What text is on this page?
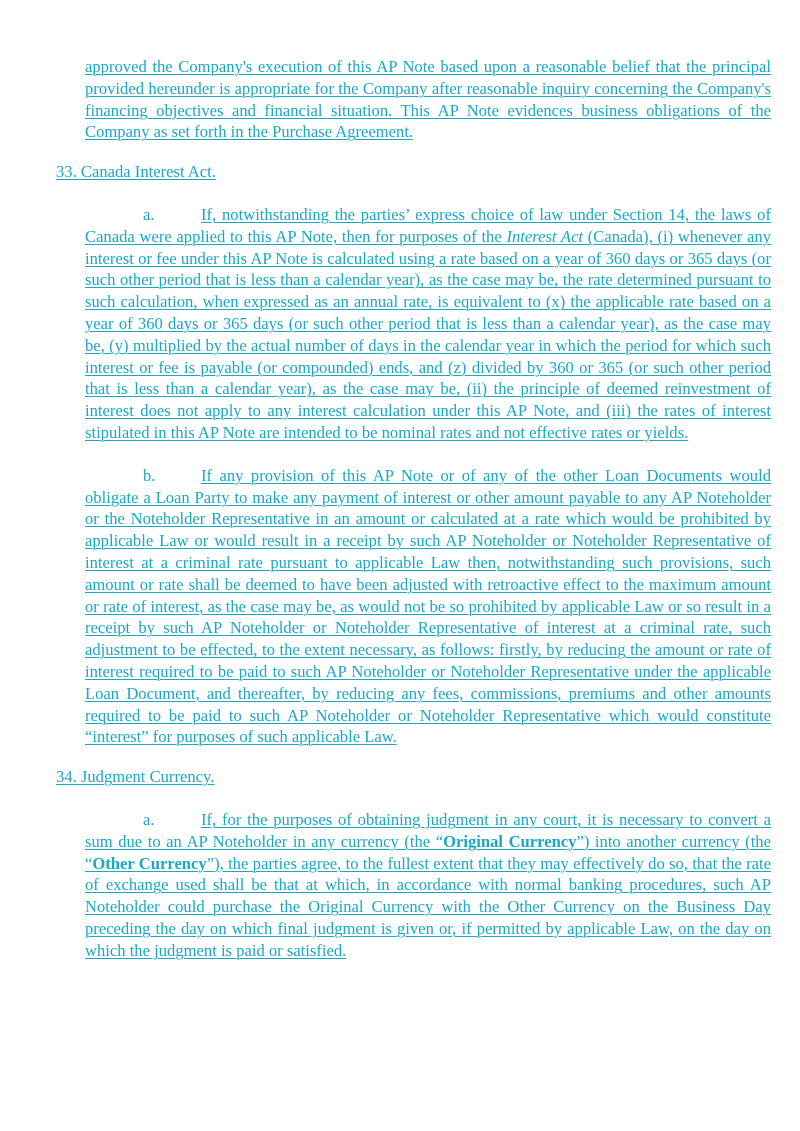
approved the Company's execution of this AP Note based upon a reasonable belief that the principal provided hereunder is appropriate for the Company after reasonable inquiry concerning the Company's financing objectives and financial situation. This AP Note evidences business obligations of the Company as set forth in the Purchase Agreement.

33. Canada Interest Act.

a.	If, notwithstanding the parties’ express choice of law under Section 14, the laws of Canada were applied to this AP Note, then for purposes of the Interest Act (Canada), (i) whenever any interest or fee under this AP Note is calculated using a rate based on a year of 360 days or 365 days (or such other period that is less than a calendar year), as the case may be, the rate determined pursuant to such calculation, when expressed as an annual rate, is equivalent to (x) the applicable rate based on a year of 360 days or 365 days (or such other period that is less than a calendar year), as the case may be, (y) multiplied by the actual number of days in the calendar year in which the period for which such interest or fee is payable (or compounded) ends, and (z) divided by 360 or 365 (or such other period that is less than a calendar year), as the case may be, (ii) the principle of deemed reinvestment of interest does not apply to any interest calculation under this AP Note, and (iii) the rates of interest stipulated in this AP Note are intended to be nominal rates and not effective rates or yields.

b.	If any provision of this AP Note or of any of the other Loan Documents would obligate a Loan Party to make any payment of interest or other amount payable to any AP Noteholder or the Noteholder Representative in an amount or calculated at a rate which would be prohibited by applicable Law or would result in a receipt by such AP Noteholder or Noteholder Representative of interest at a criminal rate pursuant to applicable Law then, notwithstanding such provisions, such amount or rate shall be deemed to have been adjusted with retroactive effect to the maximum amount or rate of interest, as the case may be, as would not be so prohibited by applicable Law or so result in a receipt by such AP Noteholder or Noteholder Representative of interest at a criminal rate, such adjustment to be effected, to the extent necessary, as follows: firstly, by reducing the amount or rate of interest required to be paid to such AP Noteholder or Noteholder Representative under the applicable Loan Document, and thereafter, by reducing any fees, commissions, premiums and other amounts required to be paid to such AP Noteholder or Noteholder Representative which would constitute “interest” for purposes of such applicable Law.

34. Judgment Currency.

a.	If, for the purposes of obtaining judgment in any court, it is necessary to convert a sum due to an AP Noteholder in any currency (the “Original Currency”) into another currency (the “Other Currency”), the parties agree, to the fullest extent that they may effectively do so, that the rate of exchange used shall be that at which, in accordance with normal banking procedures, such AP Noteholder could purchase the Original Currency with the Other Currency on the Business Day preceding the day on which final judgment is given or, if permitted by applicable Law, on the day on which the judgment is paid or satisfied.
